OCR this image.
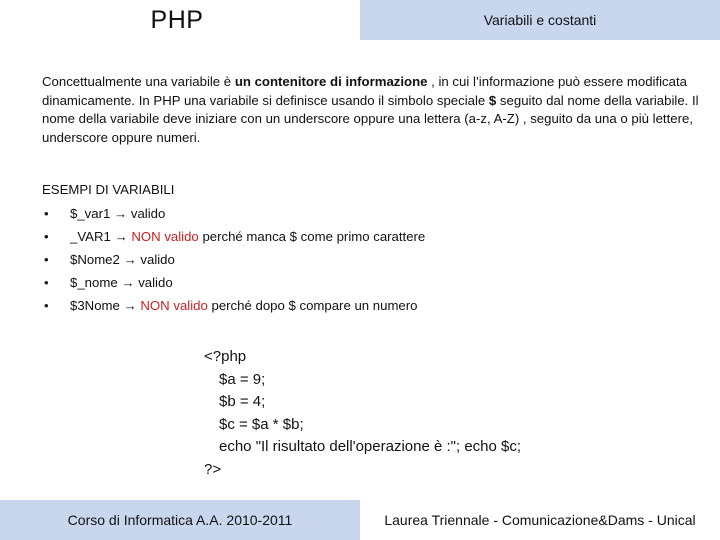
PHP	Variabili e costanti

Concettualmente una variabile è un contenitore di informazione , in cui l’informazione può essere modificata dinamicamente. In PHP una variabile si definisce usando il simbolo speciale $ seguito dal nome della variabile. Il nome della variabile deve iniziare con un underscore oppure una lettera (a-z, A-Z) , seguito da una o più lettere, underscore oppure numeri.

ESEMPI DI VARIABILI
• $_var1 → valido
• _VAR1 → NON valido perché manca $ come primo carattere
• $Nome2 → valido
• $_nome → valido
• $3Nome → NON valido perché dopo $ compare un numero
<?php
$a = 9;
$b = 4;
$c = $a * $b;
echo "Il risultato dell'operazione è :"; echo $c;
?>
Corso di Informatica A.A. 2010-2011	Laurea Triennale - Comunicazione&Dams - Unical
